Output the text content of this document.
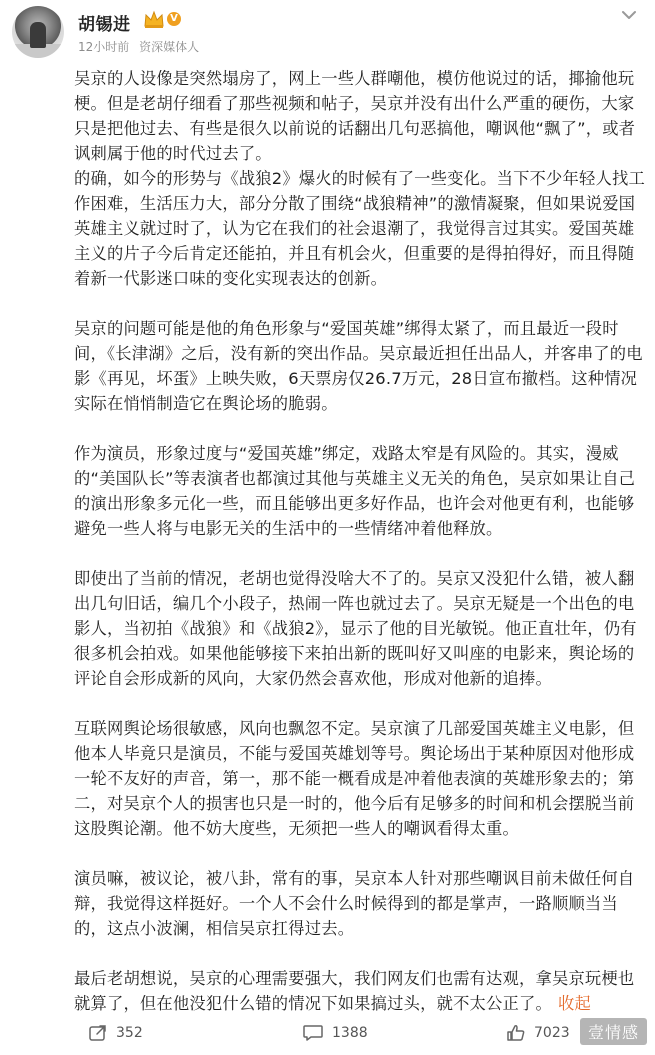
胡锡进	V
12小时前 资深媒体人

吴京的人设像是突然塌房了，网上一些人群嘲他，模仿他说过的话，揶揄他玩梗。但是老胡仔细看了那些视频和帖子，吴京并没有出什么严重的硬伤，大家只是把他过去、有些是很久以前说的话翻出几句恶搞他，嘲讽他“飘了”，或者讽刺属于他的时代过去了。

的确，如今的形势与《战狼2》爆火的时候有了一些变化。当下不少年轻人找工作困难，生活压力大，部分分散了围绕“战狼精神”的激情凝聚，但如果说爱国英雄主义就过时了，认为它在我们的社会退潮了，我觉得言过其实。爱国英雄主义的片子今后肯定还能拍，并且有机会火，但重要的是得拍得好，而且得随着新一代影迷口味的变化实现表达的创新。

吴京的问题可能是他的角色形象与“爱国英雄”绑得太紧了，而且最近一段时间，《长津湖》之后，没有新的突出作品。吴京最近担任出品人，并客串了的电影《再见，坏蛋》上映失败，6天票房仅26.7万元，28日宣布撤档。这种情况实际在悄悄制造它在舆论场的脆弱。

作为演员，形象过度与“爱国英雄”绑定，戏路太窄是有风险的。其实，漫威的“美国队长”等表演者也都演过其他与英雄主义无关的角色，吴京如果让自己的演出形象多元化一些，而且能够出更多好作品，也许会对他更有利，也能够避免一些人将与电影无关的生活中的一些情绪冲着他释放。

即使出了当前的情况，老胡也觉得没啥大不了的。吴京又没犯什么错，被人翻出几句旧话，编几个小段子，热闹一阵也就过去了。吴京无疑是一个出色的电影人，当初拍《战狼》和《战狼2》，显示了他的目光敏锐。他正直壮年，仍有很多机会拍戏。如果他能够接下来拍出新的既叫好又叫座的电影来，舆论场的评论自会形成新的风向，大家仍然会喜欢他，形成对他新的追捧。

互联网舆论场很敏感，风向也飘忽不定。吴京演了几部爱国英雄主义电影，但他本人毕竟只是演员，不能与爱国英雄划等号。舆论场出于某种原因对他形成一轮不友好的声音，第一，那不能一概看成是冲着他表演的英雄形象去的；第二，对吴京个人的损害也只是一时的，他今后有足够多的时间和机会摆脱当前这股舆论潮。他不妨大度些，无须把一些人的嘲讽看得太重。

演员嘛，被议论，被八卦，常有的事，吴京本人针对那些嘲讽目前未做任何自辩，我觉得这样挺好。一个人不会什么时候得到的都是掌声，一路顺顺当当的，这点小波澜，相信吴京扛得过去。

最后老胡想说，吴京的心理需要强大，我们网友们也需有达观，拿吴京玩梗也就算了，但在他没犯什么错的情况下如果搞过头，就不太公正了。 收起

352	1388	7023	壹情感
